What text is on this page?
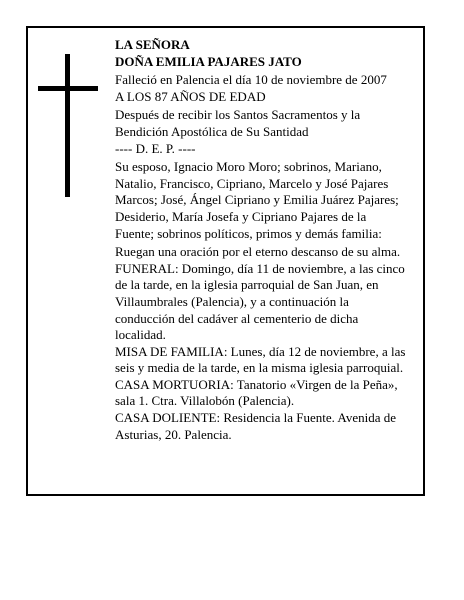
LA SEÑORA

DOÑA EMILIA PAJARES JATO

Falleció en Palencia el día 10 de noviembre de 2007

A LOS 87 AÑOS DE EDAD

Después de recibir los Santos Sacramentos y la
Bendición Apostólica de Su Santidad

---- D. E. P. ----

Su esposo, Ignacio Moro Moro; sobrinos, Mariano,
Natalio, Francisco, Cipriano, Marcelo y José Pajares
Marcos; José, Ángel Cipriano y Emilia Juárez Pajares;
Desiderio, María Josefa y Cipriano Pajares de la
Fuente; sobrinos políticos, primos y demás familia:

Ruegan una oración por el eterno descanso de su alma.

FUNERAL: Domingo, día 11 de noviembre, a las cinco
de la tarde, en la iglesia parroquial de San Juan, en
Villaumbrales (Palencia), y a continuación la
conducción del cadáver al cementerio de dicha
localidad.

MISA DE FAMILIA: Lunes, día 12 de noviembre, a las
seis y media de la tarde, en la misma iglesia parroquial.

CASA MORTUORIA: Tanatorio «Virgen de la Peña»,
sala 1. Ctra. Villalobón (Palencia).

CASA DOLIENTE: Residencia la Fuente. Avenida de
Asturias, 20. Palencia.
